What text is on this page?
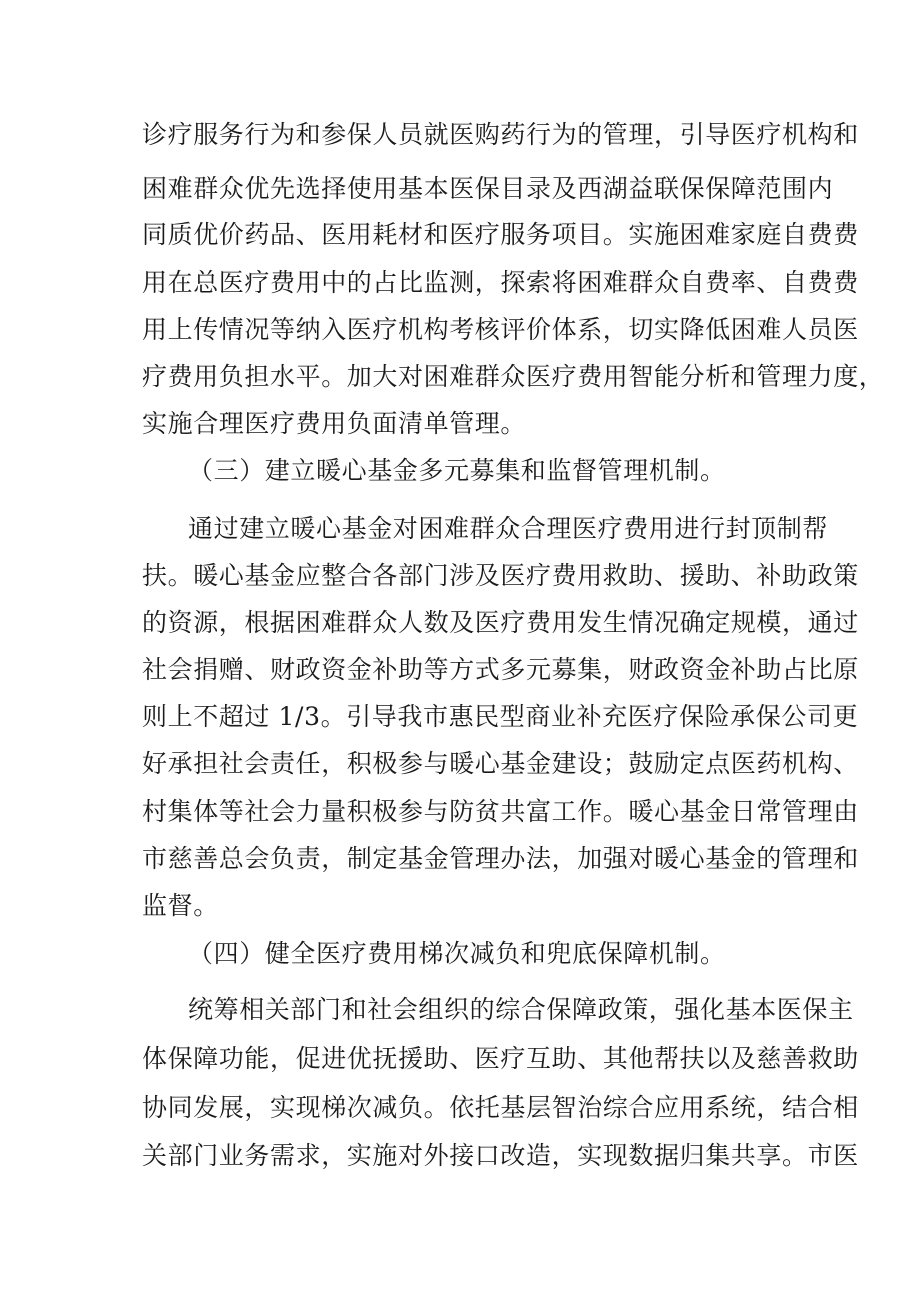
诊疗服务行为和参保人员就医购药行为的管理，引导医疗机构和
困难群众优先选择使用基本医保目录及西湖益联保保障范围内
同质优价药品、医用耗材和医疗服务项目。实施困难家庭自费费
用在总医疗费用中的占比监测，探索将困难群众自费率、自费费
用上传情况等纳入医疗机构考核评价体系，切实降低困难人员医
疗费用负担水平。加大对困难群众医疗费用智能分析和管理力度，
实施合理医疗费用负面清单管理。
（三）建立暖心基金多元募集和监督管理机制。
通过建立暖心基金对困难群众合理医疗费用进行封顶制帮
扶。暖心基金应整合各部门涉及医疗费用救助、援助、补助政策
的资源，根据困难群众人数及医疗费用发生情况确定规模，通过
社会捐赠、财政资金补助等方式多元募集，财政资金补助占比原
则上不超过 1/3。引导我市惠民型商业补充医疗保险承保公司更
好承担社会责任，积极参与暖心基金建设；鼓励定点医药机构、
村集体等社会力量积极参与防贫共富工作。暖心基金日常管理由
市慈善总会负责，制定基金管理办法，加强对暖心基金的管理和
监督。
（四）健全医疗费用梯次减负和兜底保障机制。
统筹相关部门和社会组织的综合保障政策，强化基本医保主
体保障功能，促进优抚援助、医疗互助、其他帮扶以及慈善救助
协同发展，实现梯次减负。依托基层智治综合应用系统，结合相
关部门业务需求，实施对外接口改造，实现数据归集共享。市医
